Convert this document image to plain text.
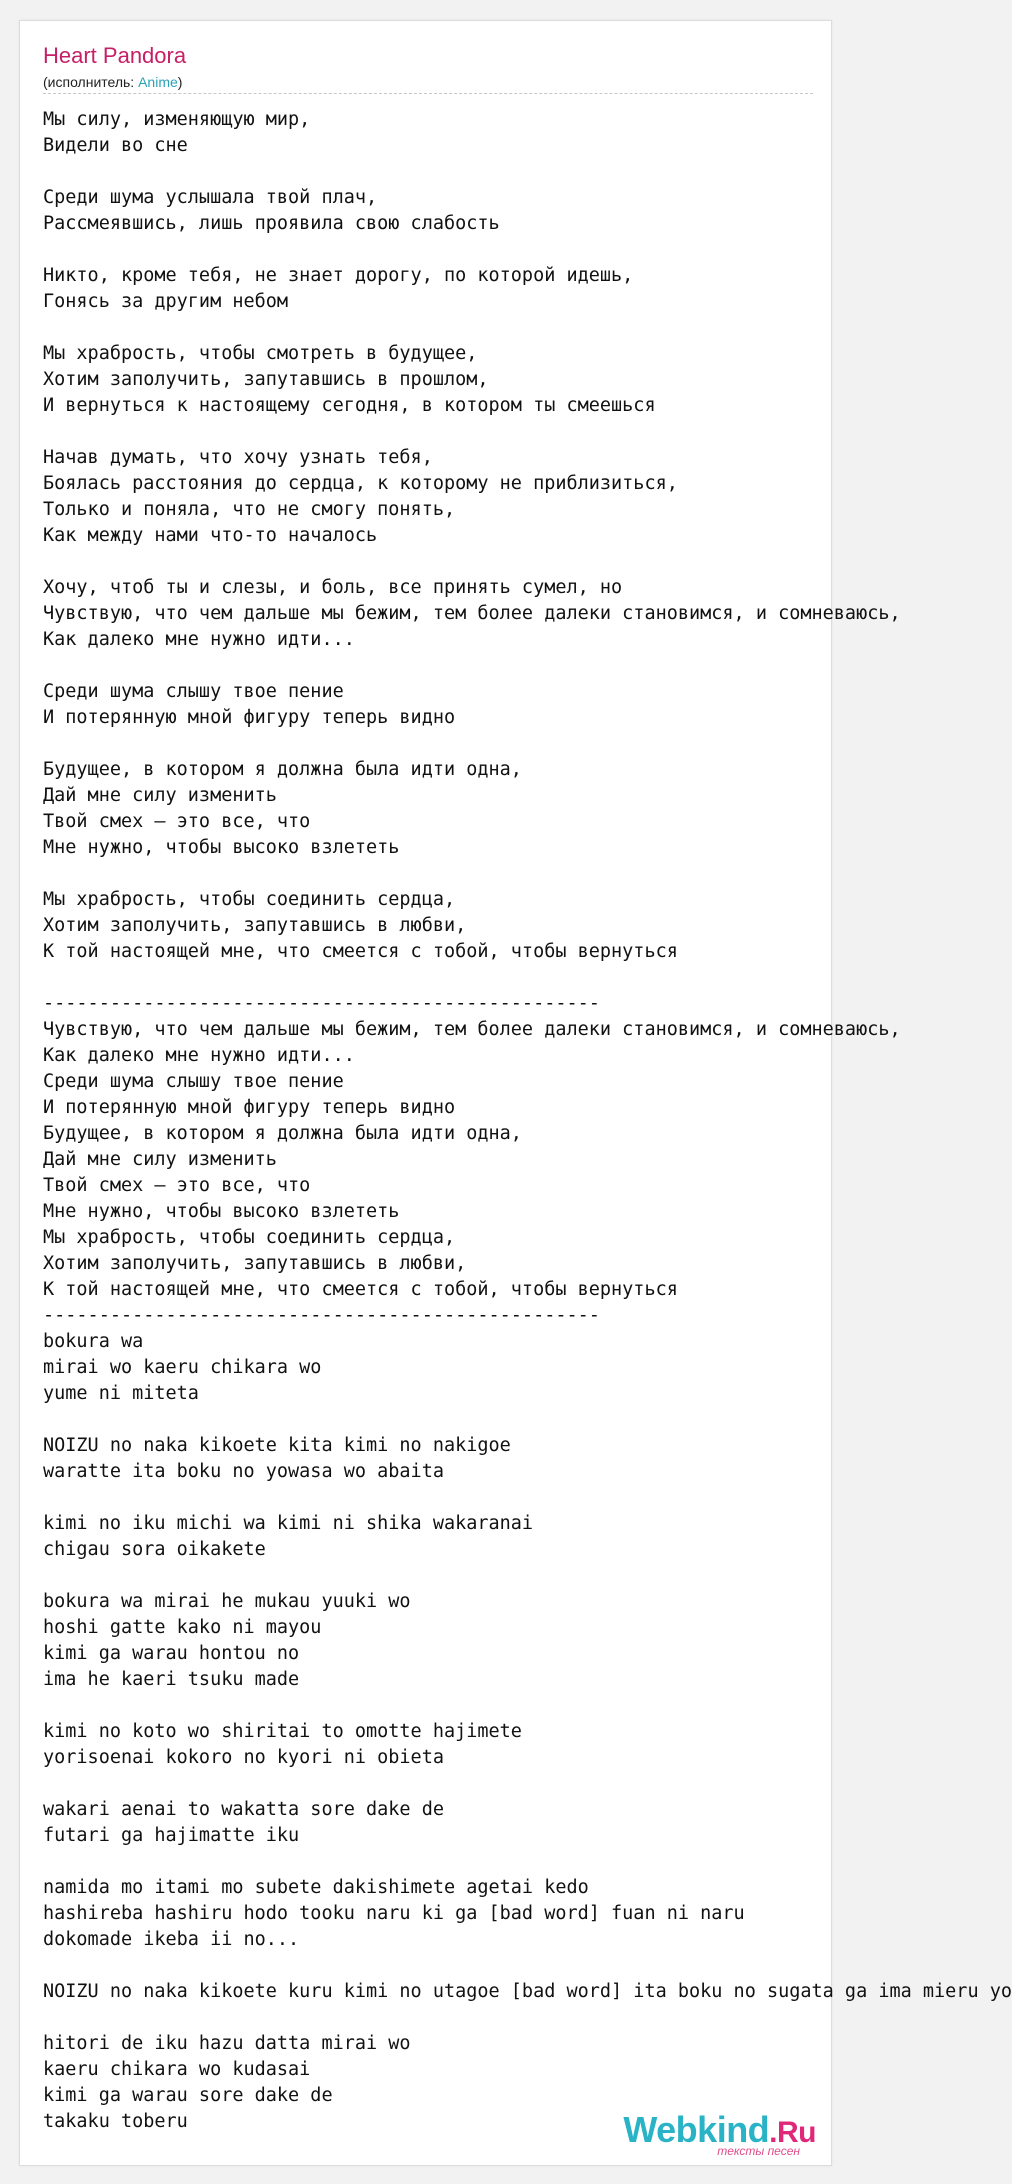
Heart Pandora
(исполнитель: Anime)
Мы силу, изменяющую мир,
Видели во сне

Среди шума услышала твой плач,
Рассмеявшись, лишь проявила свою слабость

Никто, кроме тебя, не знает дорогу, по которой идешь,
Гонясь за другим небом

Мы храбрость, чтобы смотреть в будущее,
Хотим заполучить, запутавшись в прошлом,
И вернуться к настоящему сегодня, в котором ты смеешься

Начав думать, что хочу узнать тебя,
Боялась расстояния до сердца, к которому не приблизиться,
Только и поняла, что не смогу понять,
Как между нами что-то началось

Хочу, чтоб ты и слезы, и боль, все принять сумел, но
Чувствую, что чем дальше мы бежим, тем более далеки становимся, и сомневаюсь,
Как далеко мне нужно идти...

Среди шума слышу твое пение
И потерянную мной фигуру теперь видно

Будущее, в котором я должна была идти одна,
Дай мне силу изменить
Твой смех – это все, что
Мне нужно, чтобы высоко взлететь

Мы храбрость, чтобы соединить сердца,
Хотим заполучить, запутавшись в любви,
К той настоящей мне, что смеется с тобой, чтобы вернуться

--------------------------------------------------
Чувствую, что чем дальше мы бежим, тем более далеки становимся, и сомневаюсь,
Как далеко мне нужно идти...
Среди шума слышу твое пение
И потерянную мной фигуру теперь видно
Будущее, в котором я должна была идти одна,
Дай мне силу изменить
Твой смех – это все, что
Мне нужно, чтобы высоко взлететь
Мы храбрость, чтобы соединить сердца,
Хотим заполучить, запутавшись в любви,
К той настоящей мне, что смеется с тобой, чтобы вернуться
--------------------------------------------------
bokura wa
mirai wo kaeru chikara wo
yume ni miteta

NOIZU no naka kikoete kita kimi no nakigoe
waratte ita boku no yowasa wo abaita

kimi no iku michi wa kimi ni shika wakaranai
chigau sora oikakete

bokura wa mirai he mukau yuuki wo
hoshi gatte kako ni mayou
kimi ga warau hontou no
ima he kaeri tsuku made

kimi no koto wo shiritai to omotte hajimete
yorisoenai kokoro no kyori ni obieta

wakari aenai to wakatta sore dake de
futari ga hajimatte iku

namida mo itami mo subete dakishimete agetai kedo
hashireba hashiru hodo tooku naru ki ga [bad word] fuan ni naru
dokomade ikeba ii no...

NOIZU no naka kikoete kuru kimi no utagoe [bad word] ita boku no sugata ga ima mieru yo

hitori de iku hazu datta mirai wo
kaeru chikara wo kudasai
kimi ga warau sore dake de
takaku toberu	Webkind.Ru
тексты песен
